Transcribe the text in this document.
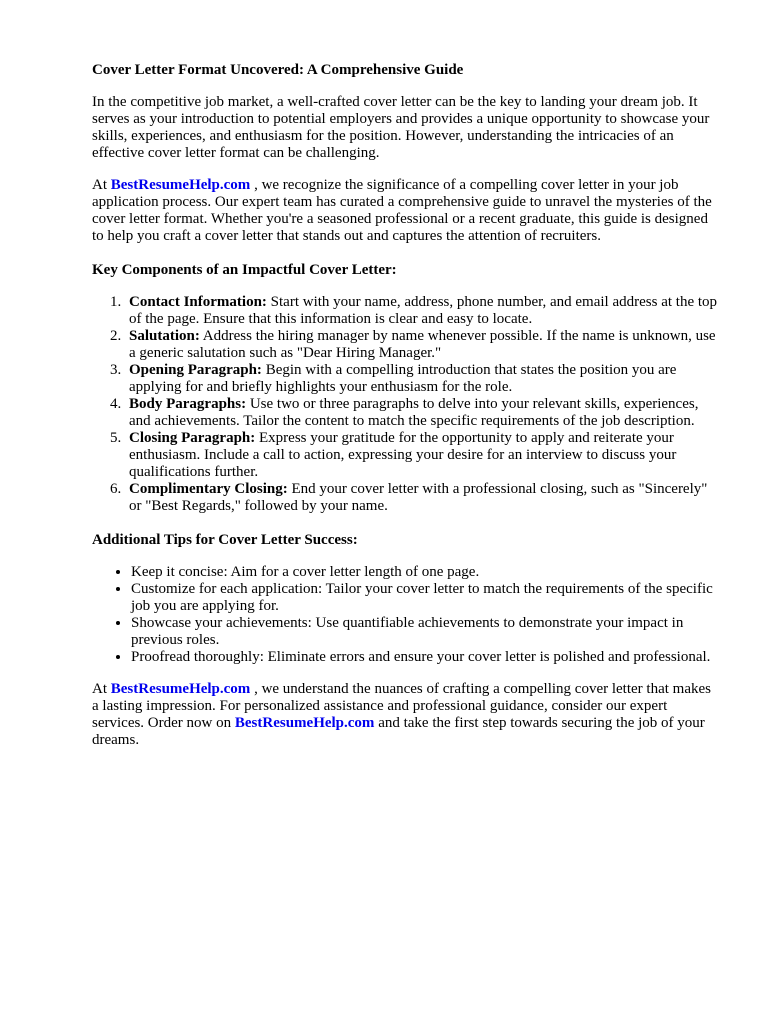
Cover Letter Format Uncovered: A Comprehensive Guide

In the competitive job market, a well-crafted cover letter can be the key to landing your dream job. It serves as your introduction to potential employers and provides a unique opportunity to showcase your skills, experiences, and enthusiasm for the position. However, understanding the intricacies of an effective cover letter format can be challenging.

At BestResumeHelp.com , we recognize the significance of a compelling cover letter in your job application process. Our expert team has curated a comprehensive guide to unravel the mysteries of the cover letter format. Whether you're a seasoned professional or a recent graduate, this guide is designed to help you craft a cover letter that stands out and captures the attention of recruiters.

Key Components of an Impactful Cover Letter:
1. Contact Information: Start with your name, address, phone number, and email address at the top of the page. Ensure that this information is clear and easy to locate.
2. Salutation: Address the hiring manager by name whenever possible. If the name is unknown, use a generic salutation such as "Dear Hiring Manager."
3. Opening Paragraph: Begin with a compelling introduction that states the position you are applying for and briefly highlights your enthusiasm for the role.
4. Body Paragraphs: Use two or three paragraphs to delve into your relevant skills, experiences, and achievements. Tailor the content to match the specific requirements of the job description.
5. Closing Paragraph: Express your gratitude for the opportunity to apply and reiterate your enthusiasm. Include a call to action, expressing your desire for an interview to discuss your qualifications further.
6. Complimentary Closing: End your cover letter with a professional closing, such as "Sincerely" or "Best Regards," followed by your name.
Additional Tips for Cover Letter Success:
• Keep it concise: Aim for a cover letter length of one page.
• Customize for each application: Tailor your cover letter to match the requirements of the specific job you are applying for.
• Showcase your achievements: Use quantifiable achievements to demonstrate your impact in previous roles.
• Proofread thoroughly: Eliminate errors and ensure your cover letter is polished and professional.

At BestResumeHelp.com , we understand the nuances of crafting a compelling cover letter that makes a lasting impression. For personalized assistance and professional guidance, consider our expert services. Order now on BestResumeHelp.com and take the first step towards securing the job of your dreams.
